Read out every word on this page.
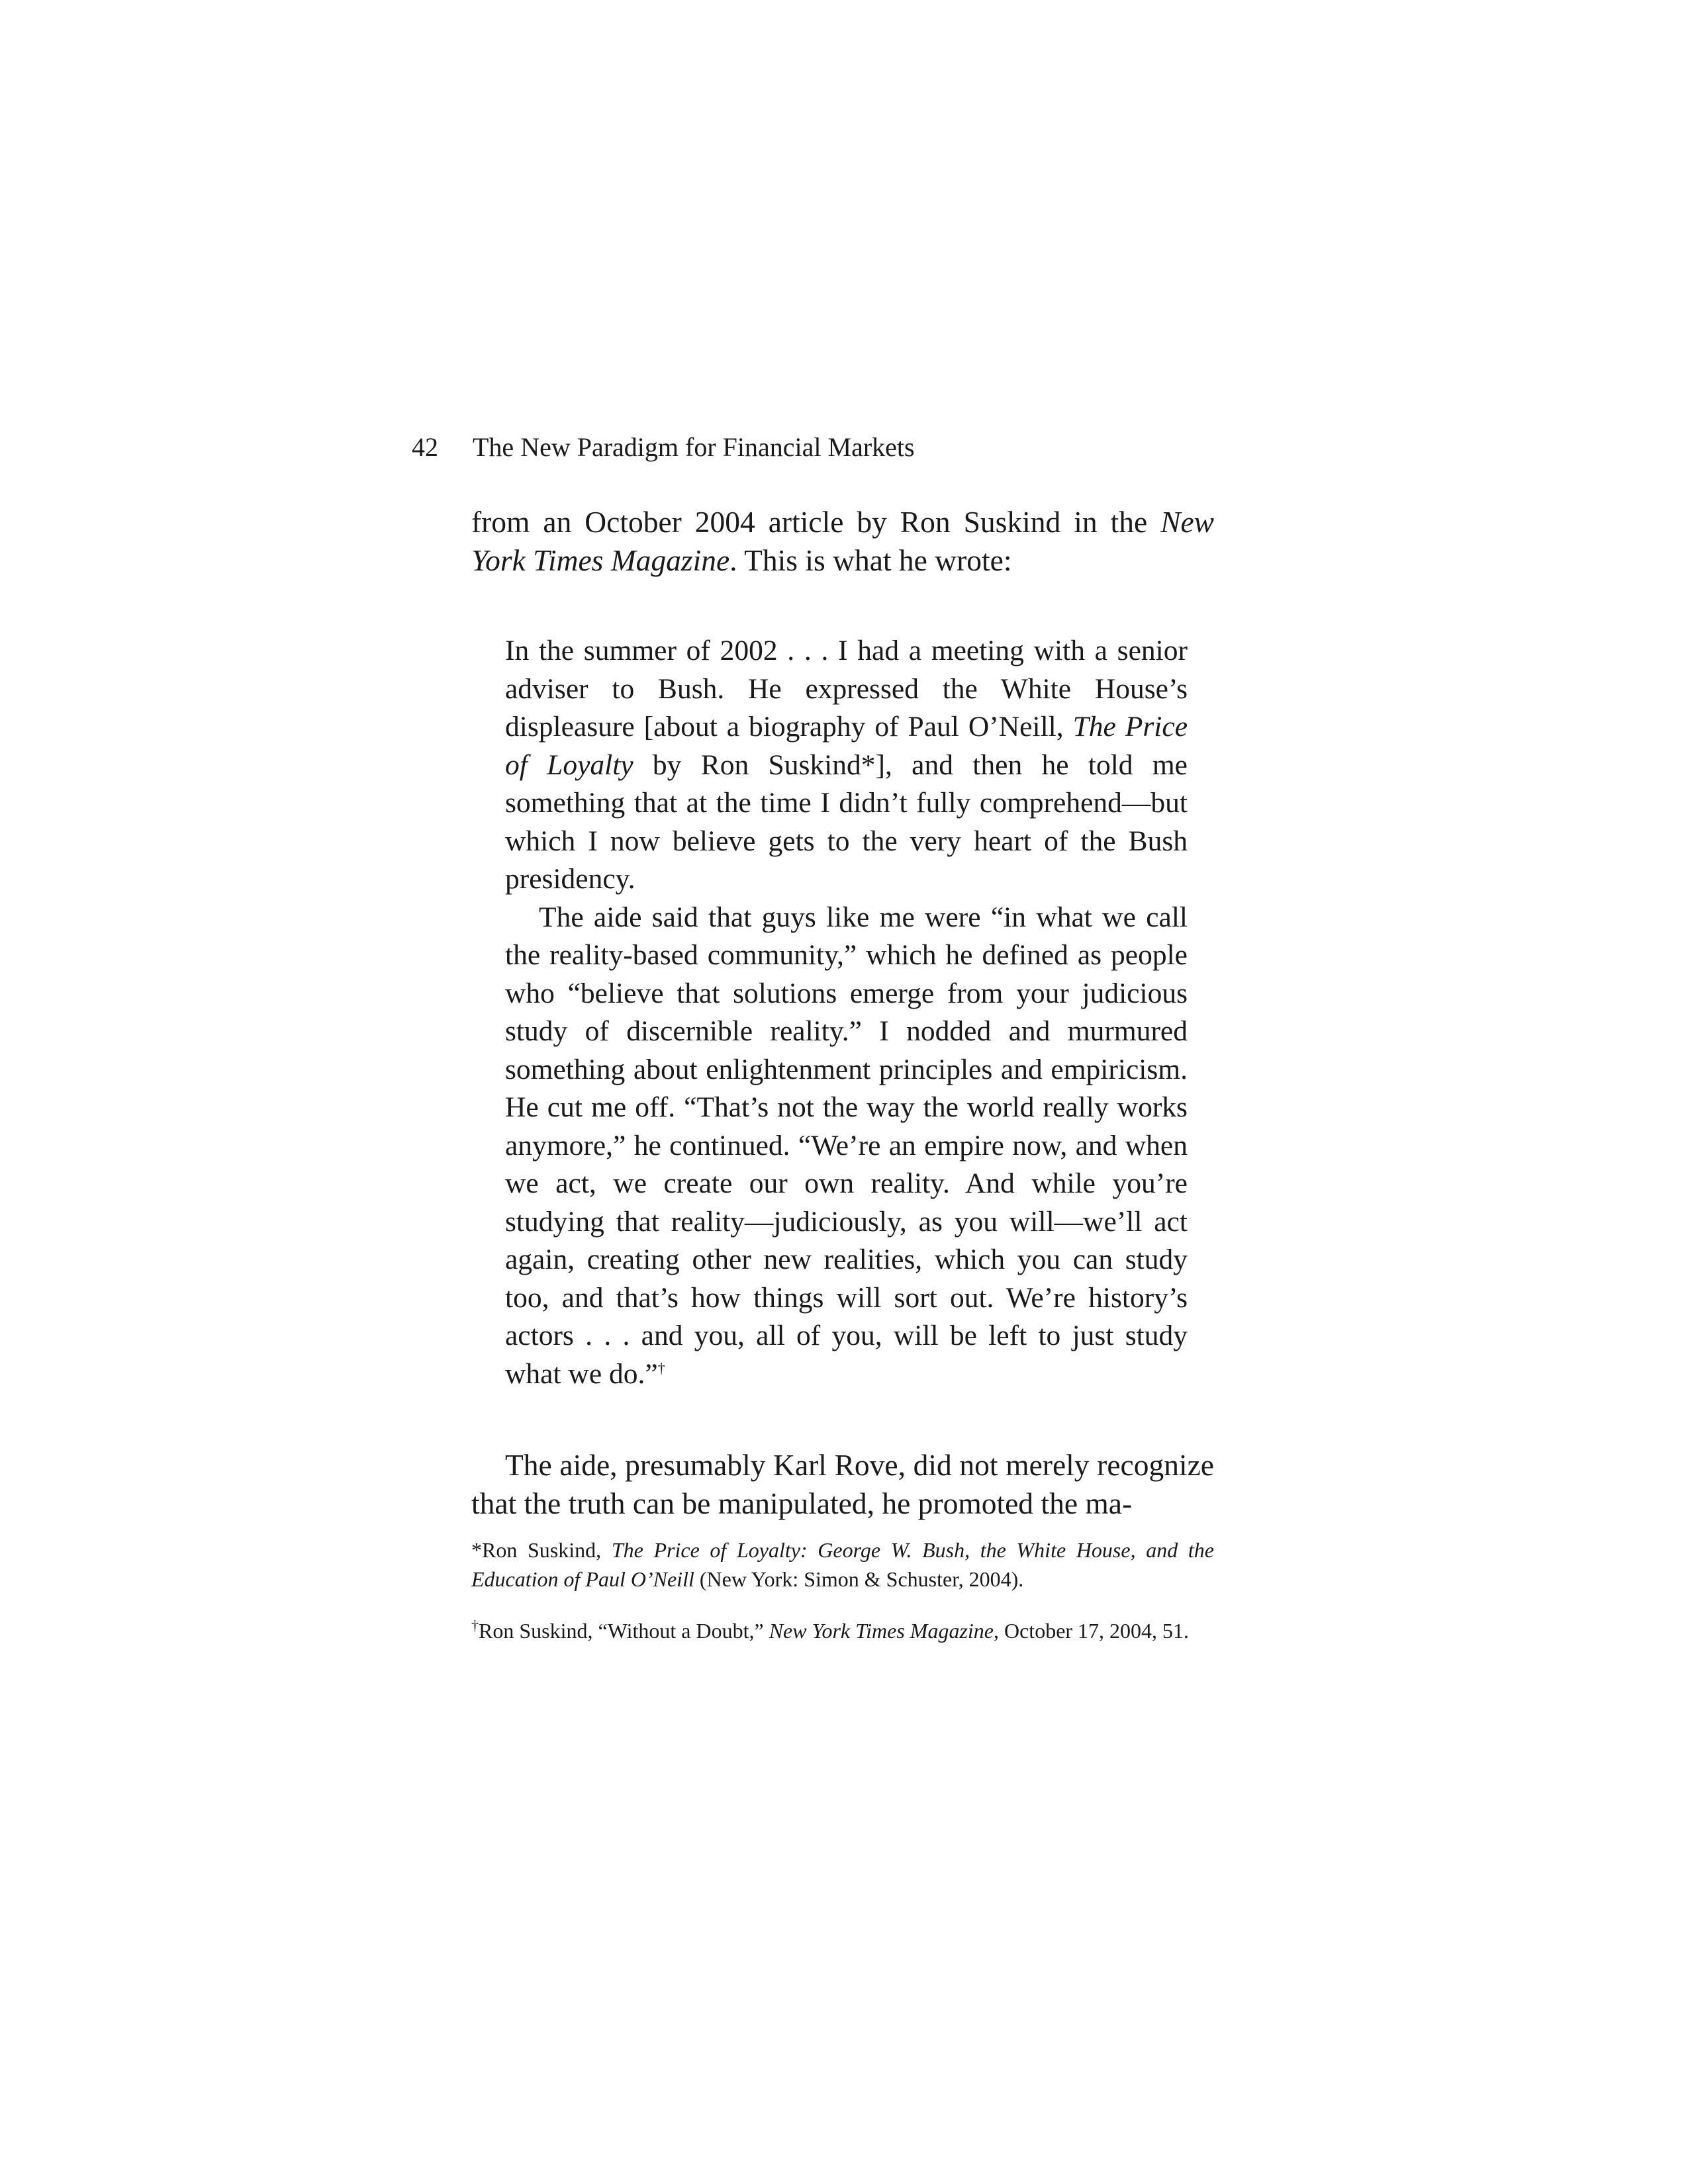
42 The New Paradigm for Financial Markets

from an October 2004 article by Ron Suskind in the New York Times Magazine. This is what he wrote:

In the summer of 2002 . . . I had a meeting with a senior adviser to Bush. He expressed the White House’s displeasure [about a biography of Paul O’Neill, The Price of Loyalty by Ron Suskind*], and then he told me something that at the time I didn’t fully comprehend—but which I now believe gets to the very heart of the Bush presidency.

The aide said that guys like me were “in what we call the reality-based community,” which he defined as people who “believe that solutions emerge from your judicious study of discernible reality.” I nodded and murmured something about enlightenment principles and empiricism. He cut me off. “That’s not the way the world really works anymore,” he continued. “We’re an empire now, and when we act, we create our own reality. And while you’re studying that reality—judiciously, as you will—we’ll act again, creating other new realities, which you can study too, and that’s how things will sort out. We’re history’s actors . . . and you, all of you, will be left to just study what we do.”†

The aide, presumably Karl Rove, did not merely recognize that the truth can be manipulated, he promoted the ma-

*Ron Suskind, The Price of Loyalty: George W. Bush, the White House, and the Education of Paul O’Neill (New York: Simon & Schuster, 2004).

†Ron Suskind, “Without a Doubt,” New York Times Magazine, October 17, 2004, 51.
